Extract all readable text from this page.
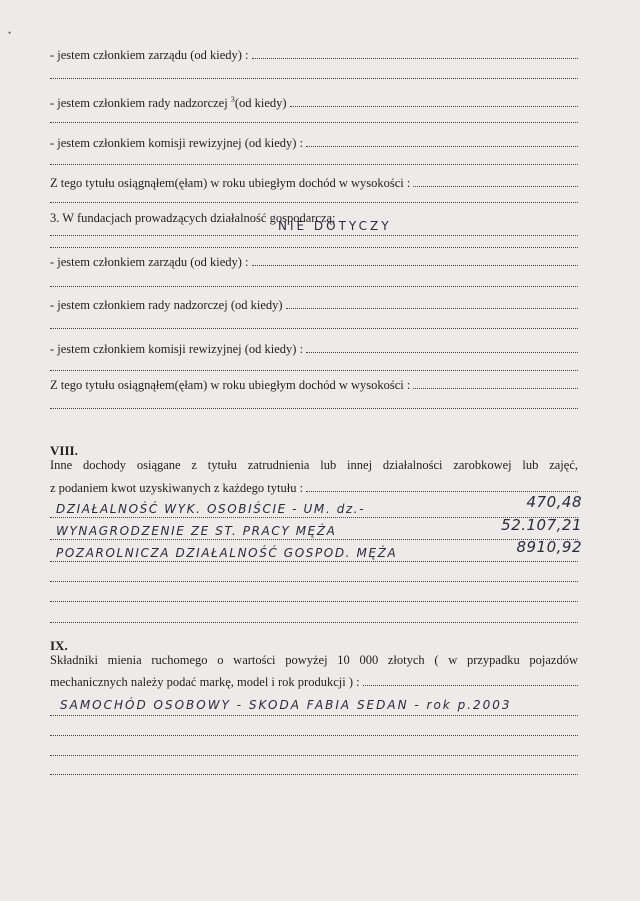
•
- jestem członkiem zarządu (od kiedy) :
- jestem członkiem rady nadzorczej $^3$(od kiedy)
- jestem członkiem komisji rewizyjnej (od kiedy) :
Z tego tytułu osiągnąłem(ęłam) w roku ubiegłym dochód w wysokości :
3. W fundacjach prowadzących działalność gospodarczą:
NIE DOTYCZY
- jestem członkiem zarządu (od kiedy) :
- jestem członkiem rady nadzorczej (od kiedy)
- jestem członkiem komisji rewizyjnej (od kiedy) :
Z tego tytułu osiągnąłem(ęłam) w roku ubiegłym dochód w wysokości :
VIII.
Inne dochody osiągane z tytułu zatrudnienia lub innej działalności zarobkowej lub zajęć,
z podaniem kwot uzyskiwanych z każdego tytułu :
DZIAŁALNOŚĆ WYK. OSOBIŚCIE - UM. dz.-	470,48
WYNAGRODZENIE ZE ST. PRACY MĘŻA	52.107,21
POZAROLNICZA DZIAŁALNOŚĆ GOSPOD. MĘŻA	8910,92
IX.
Składniki mienia ruchomego o wartości powyżej 10 000 złotych ( w przypadku pojazdów
mechanicznych należy podać markę, model i rok produkcji ) :
SAMOCHÓD OSOBOWY - SKODA FABIA SEDAN - rok p.2003
